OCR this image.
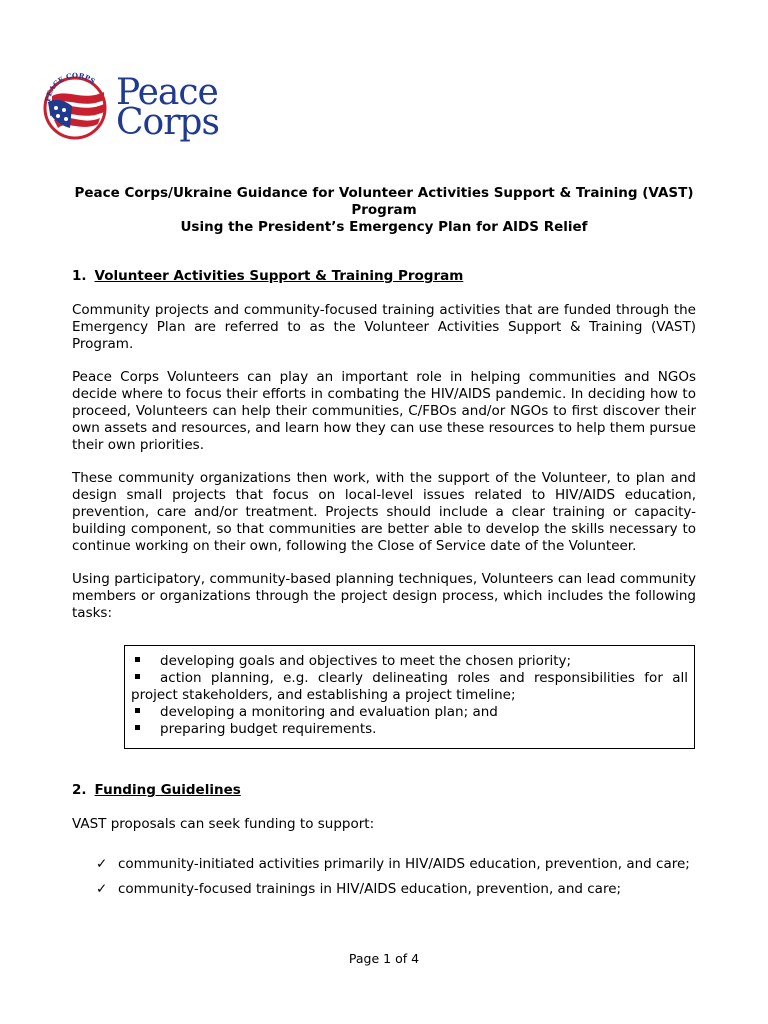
PEACE CORPS Peace
Corps
Peace Corps/Ukraine Guidance for Volunteer Activities Support & Training (VAST)
Program
Using the President’s Emergency Plan for AIDS Relief
1. Volunteer Activities Support & Training Program
Community projects and community-focused training activities that are funded through the Emergency Plan are referred to as the Volunteer Activities Support & Training (VAST) Program.
Peace Corps Volunteers can play an important role in helping communities and NGOs decide where to focus their efforts in combating the HIV/AIDS pandemic. In deciding how to proceed, Volunteers can help their communities, C/FBOs and/or NGOs to first discover their own assets and resources, and learn how they can use these resources to help them pursue their own priorities.
These community organizations then work, with the support of the Volunteer, to plan and design small projects that focus on local-level issues related to HIV/AIDS education, prevention, care and/or treatment. Projects should include a clear training or capacity-building component, so that communities are better able to develop the skills necessary to continue working on their own, following the Close of Service date of the Volunteer.
Using participatory, community-based planning techniques, Volunteers can lead community members or organizations through the project design process, which includes the following tasks:
developing goals and objectives to meet the chosen priority;
action planning, e.g. clearly delineating roles and responsibilities for all project stakeholders, and establishing a project timeline;
developing a monitoring and evaluation plan; and
preparing budget requirements.
2. Funding Guidelines
VAST proposals can seek funding to support:
✓ community-initiated activities primarily in HIV/AIDS education, prevention, and care;
✓ community-focused trainings in HIV/AIDS education, prevention, and care;
Page 1 of 4
